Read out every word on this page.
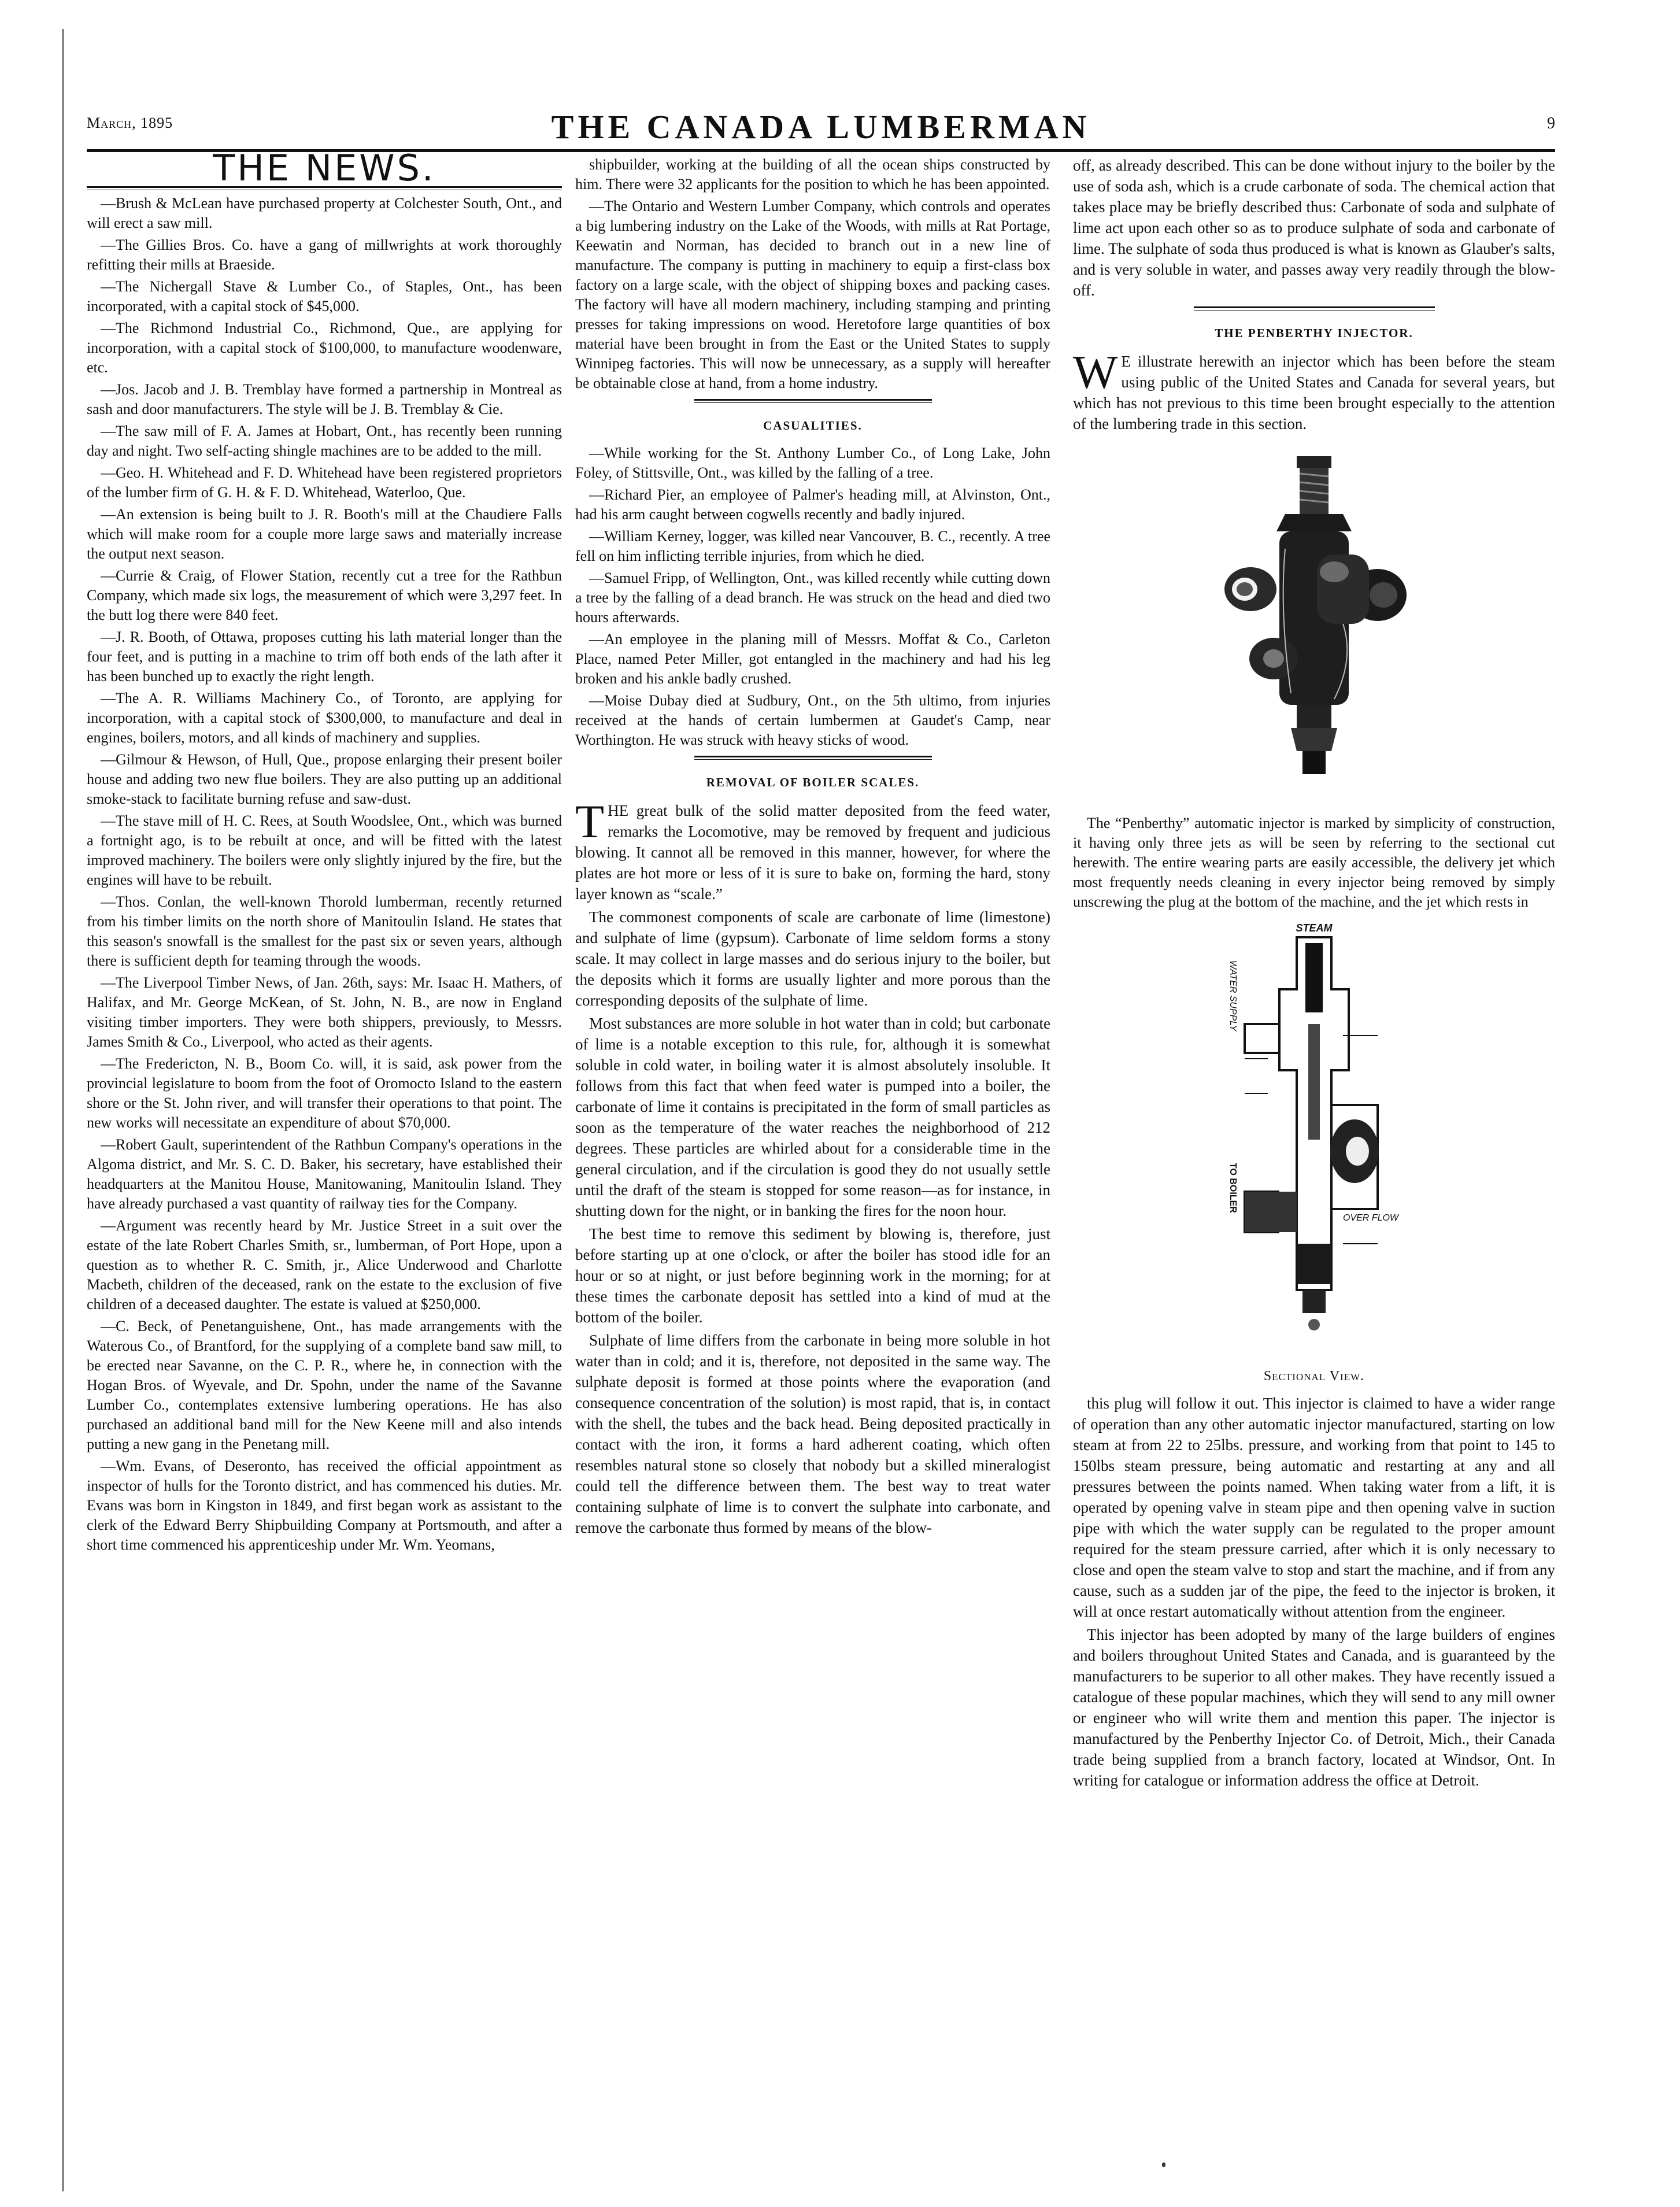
March, 1895	THE CANADA LUMBERMAN	9
THE NEWS.

—Brush & McLean have purchased property at Colchester South, Ont., and will erect a saw mill.

—The Gillies Bros. Co. have a gang of millwrights at work thoroughly refitting their mills at Braeside.

—The Nichergall Stave & Lumber Co., of Staples, Ont., has been incorporated, with a capital stock of $45,000.

—The Richmond Industrial Co., Richmond, Que., are applying for incorporation, with a capital stock of $100,000, to manufacture woodenware, etc.

—Jos. Jacob and J. B. Tremblay have formed a partnership in Montreal as sash and door manufacturers. The style will be J. B. Tremblay & Cie.

—The saw mill of F. A. James at Hobart, Ont., has recently been running day and night. Two self-acting shingle machines are to be added to the mill.

—Geo. H. Whitehead and F. D. Whitehead have been registered proprietors of the lumber firm of G. H. & F. D. Whitehead, Waterloo, Que.

—An extension is being built to J. R. Booth's mill at the Chaudiere Falls which will make room for a couple more large saws and materially increase the output next season.

—Currie & Craig, of Flower Station, recently cut a tree for the Rathbun Company, which made six logs, the measurement of which were 3,297 feet. In the butt log there were 840 feet.

—J. R. Booth, of Ottawa, proposes cutting his lath material longer than the four feet, and is putting in a machine to trim off both ends of the lath after it has been bunched up to exactly the right length.

—The A. R. Williams Machinery Co., of Toronto, are applying for incorporation, with a capital stock of $300,000, to manufacture and deal in engines, boilers, motors, and all kinds of machinery and supplies.

—Gilmour & Hewson, of Hull, Que., propose enlarging their present boiler house and adding two new flue boilers. They are also putting up an additional smoke-stack to facilitate burning refuse and saw-dust.

—The stave mill of H. C. Rees, at South Woodslee, Ont., which was burned a fortnight ago, is to be rebuilt at once, and will be fitted with the latest improved machinery. The boilers were only slightly injured by the fire, but the engines will have to be rebuilt.

—Thos. Conlan, the well-known Thorold lumberman, recently returned from his timber limits on the north shore of Manitoulin Island. He states that this season's snowfall is the smallest for the past six or seven years, although there is sufficient depth for teaming through the woods.

—The Liverpool Timber News, of Jan. 26th, says: Mr. Isaac H. Mathers, of Halifax, and Mr. George McKean, of St. John, N. B., are now in England visiting timber importers. They were both shippers, previously, to Messrs. James Smith & Co., Liverpool, who acted as their agents.

—The Fredericton, N. B., Boom Co. will, it is said, ask power from the provincial legislature to boom from the foot of Oromocto Island to the eastern shore or the St. John river, and will transfer their operations to that point. The new works will necessitate an expenditure of about $70,000.

—Robert Gault, superintendent of the Rathbun Company's operations in the Algoma district, and Mr. S. C. D. Baker, his secretary, have established their headquarters at the Manitou House, Manitowaning, Manitoulin Island. They have already purchased a vast quantity of railway ties for the Company.

—Argument was recently heard by Mr. Justice Street in a suit over the estate of the late Robert Charles Smith, sr., lumberman, of Port Hope, upon a question as to whether R. C. Smith, jr., Alice Underwood and Charlotte Macbeth, children of the deceased, rank on the estate to the exclusion of five children of a deceased daughter. The estate is valued at $250,000.

—C. Beck, of Penetanguishene, Ont., has made arrangements with the Waterous Co., of Brantford, for the supplying of a complete band saw mill, to be erected near Savanne, on the C. P. R., where he, in connection with the Hogan Bros. of Wyevale, and Dr. Spohn, under the name of the Savanne Lumber Co., contemplates extensive lumbering operations. He has also purchased an additional band mill for the New Keene mill and also intends putting a new gang in the Penetang mill.

—Wm. Evans, of Deseronto, has received the official appointment as inspector of hulls for the Toronto district, and has commenced his duties. Mr. Evans was born in Kingston in 1849, and first began work as assistant to the clerk of the Edward Berry Shipbuilding Company at Portsmouth, and after a short time commenced his apprenticeship under Mr. Wm. Yeomans,

shipbuilder, working at the building of all the ocean ships constructed by him. There were 32 applicants for the position to which he has been appointed.

—The Ontario and Western Lumber Company, which controls and operates a big lumbering industry on the Lake of the Woods, with mills at Rat Portage, Keewatin and Norman, has decided to branch out in a new line of manufacture. The company is putting in machinery to equip a first-class box factory on a large scale, with the object of shipping boxes and packing cases. The factory will have all modern machinery, including stamping and printing presses for taking impressions on wood. Heretofore large quantities of box material have been brought in from the East or the United States to supply Winnipeg factories. This will now be unnecessary, as a supply will hereafter be obtainable close at hand, from a home industry.

CASUALITIES.

—While working for the St. Anthony Lumber Co., of Long Lake, John Foley, of Stittsville, Ont., was killed by the falling of a tree.

—Richard Pier, an employee of Palmer's heading mill, at Alvinston, Ont., had his arm caught between cogwells recently and badly injured.

—William Kerney, logger, was killed near Vancouver, B. C., recently. A tree fell on him inflicting terrible injuries, from which he died.

—Samuel Fripp, of Wellington, Ont., was killed recently while cutting down a tree by the falling of a dead branch. He was struck on the head and died two hours afterwards.

—An employee in the planing mill of Messrs. Moffat & Co., Carleton Place, named Peter Miller, got entangled in the machinery and had his leg broken and his ankle badly crushed.

—Moise Dubay died at Sudbury, Ont., on the 5th ultimo, from injuries received at the hands of certain lumbermen at Gaudet's Camp, near Worthington. He was struck with heavy sticks of wood.

REMOVAL OF BOILER SCALES.

THE great bulk of the solid matter deposited from the feed water, remarks the Locomotive, may be removed by frequent and judicious blowing. It cannot all be removed in this manner, however, for where the plates are hot more or less of it is sure to bake on, forming the hard, stony layer known as “scale.”

The commonest components of scale are carbonate of lime (limestone) and sulphate of lime (gypsum). Carbonate of lime seldom forms a stony scale. It may collect in large masses and do serious injury to the boiler, but the deposits which it forms are usually lighter and more porous than the corresponding deposits of the sulphate of lime.

Most substances are more soluble in hot water than in cold; but carbonate of lime is a notable exception to this rule, for, although it is somewhat soluble in cold water, in boiling water it is almost absolutely insoluble. It follows from this fact that when feed water is pumped into a boiler, the carbonate of lime it contains is precipitated in the form of small particles as soon as the temperature of the water reaches the neighborhood of 212 degrees. These particles are whirled about for a considerable time in the general circulation, and if the circulation is good they do not usually settle until the draft of the steam is stopped for some reason—as for instance, in shutting down for the night, or in banking the fires for the noon hour.

The best time to remove this sediment by blowing is, therefore, just before starting up at one o'clock, or after the boiler has stood idle for an hour or so at night, or just before beginning work in the morning; for at these times the carbonate deposit has settled into a kind of mud at the bottom of the boiler.

Sulphate of lime differs from the carbonate in being more soluble in hot water than in cold; and it is, therefore, not deposited in the same way. The sulphate deposit is formed at those points where the evaporation (and consequence concentration of the solution) is most rapid, that is, in contact with the shell, the tubes and the back head. Being deposited practically in contact with the iron, it forms a hard adherent coating, which often resembles natural stone so closely that nobody but a skilled mineralogist could tell the difference between them. The best way to treat water containing sulphate of lime is to convert the sulphate into carbonate, and remove the carbonate thus formed by means of the blow-

off, as already described. This can be done without injury to the boiler by the use of soda ash, which is a crude carbonate of soda. The chemical action that takes place may be briefly described thus: Carbonate of soda and sulphate of lime act upon each other so as to produce sulphate of soda and carbonate of lime. The sulphate of soda thus produced is what is known as Glauber's salts, and is very soluble in water, and passes away very readily through the blow-off.

THE PENBERTHY INJECTOR.

W E illustrate herewith an injector which has been before the steam using public of the United States and Canada for several years, but which has not previous to this time been brought especially to the attention of the lumbering trade in this section.

The “Penberthy” automatic injector is marked by simplicity of construction, it having only three jets as will be seen by referring to the sectional cut herewith. The entire wearing parts are easily accessible, the delivery jet which most frequently needs cleaning in every injector being removed by simply unscrewing the plug at the bottom of the machine, and the jet which rests in

STEAM
WATER SUPPLY
TO BOILER
OVER FLOW
Sectional View.

this plug will follow it out. This injector is claimed to have a wider range of operation than any other automatic injector manufactured, starting on low steam at from 22 to 25lbs. pressure, and working from that point to 145 to 150lbs steam pressure, being automatic and restarting at any and all pressures between the points named. When taking water from a lift, it is operated by opening valve in steam pipe and then opening valve in suction pipe with which the water supply can be regulated to the proper amount required for the steam pressure carried, after which it is only necessary to close and open the steam valve to stop and start the machine, and if from any cause, such as a sudden jar of the pipe, the feed to the injector is broken, it will at once restart automatically without attention from the engineer.

This injector has been adopted by many of the large builders of engines and boilers throughout United States and Canada, and is guaranteed by the manufacturers to be superior to all other makes. They have recently issued a catalogue of these popular machines, which they will send to any mill owner or engineer who will write them and mention this paper. The injector is manufactured by the Penberthy Injector Co. of Detroit, Mich., their Canada trade being supplied from a branch factory, located at Windsor, Ont. In writing for catalogue or information address the office at Detroit.
